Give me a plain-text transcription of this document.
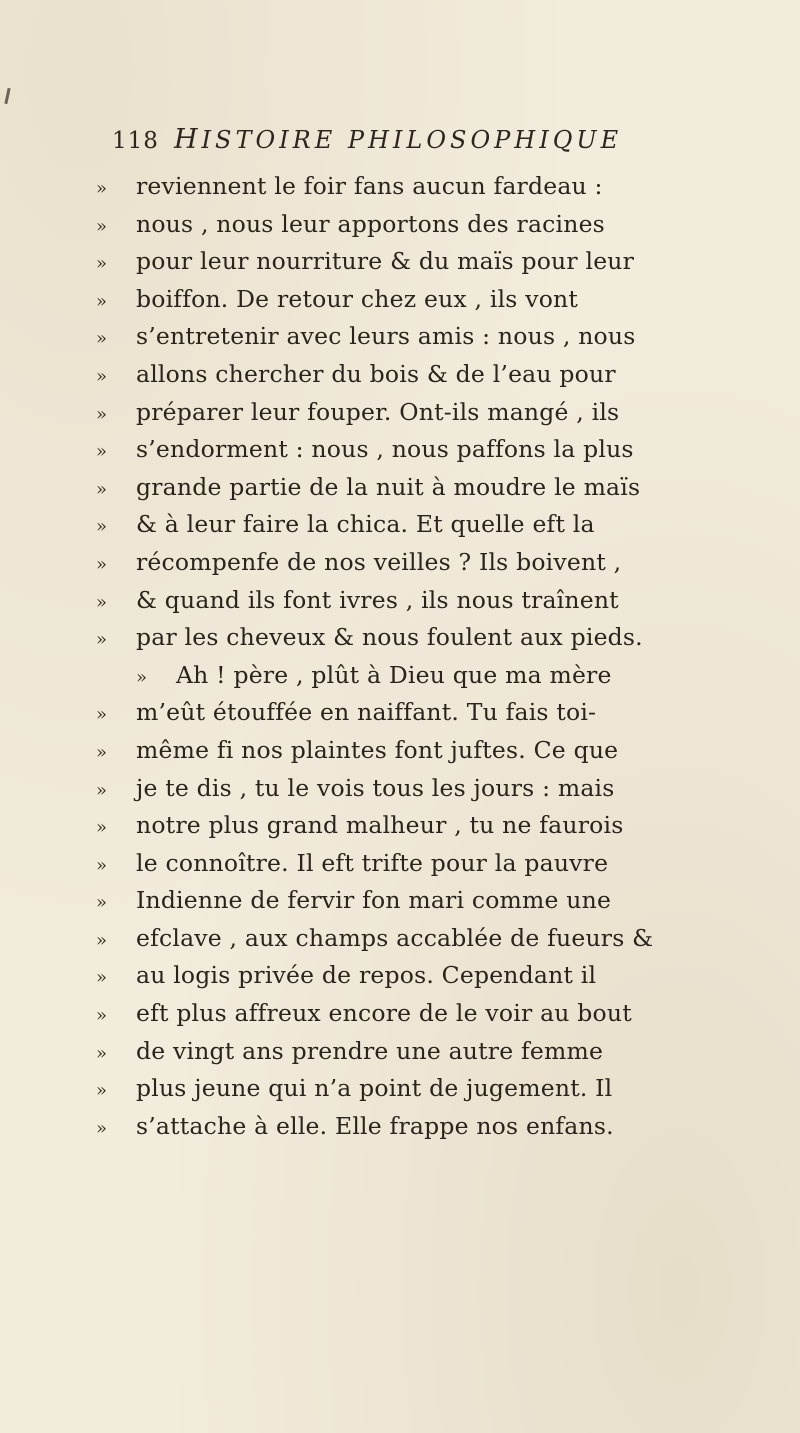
118 HISTOIRE PHILOSOPHIQUE
» reviennent le foir fans aucun fardeau :
» nous , nous leur apportons des racines
» pour leur nourriture & du maïs pour leur
» boiffon. De retour chez eux , ils vont
» s’entretenir avec leurs amis : nous , nous
» allons chercher du bois & de l’eau pour
» préparer leur fouper. Ont-ils mangé , ils
» s’endorment : nous , nous paffons la plus
» grande partie de la nuit à moudre le maïs
» & à leur faire la chica. Et quelle eft la
» récompenfe de nos veilles ? Ils boivent ,
» & quand ils font ivres , ils nous traînent
» par les cheveux & nous foulent aux pieds.
» Ah ! père , plût à Dieu que ma mère
» m’eût étouffée en naiffant. Tu fais toi-
» même fi nos plaintes font juftes. Ce que
» je te dis , tu le vois tous les jours : mais
» notre plus grand malheur , tu ne faurois
» le connoître. Il eft trifte pour la pauvre
» Indienne de fervir fon mari comme une
» efclave , aux champs accablée de fueurs &
» au logis privée de repos. Cependant il
» eft plus affreux encore de le voir au bout
» de vingt ans prendre une autre femme
» plus jeune qui n’a point de jugement. Il
» s’attache à elle. Elle frappe nos enfans.
